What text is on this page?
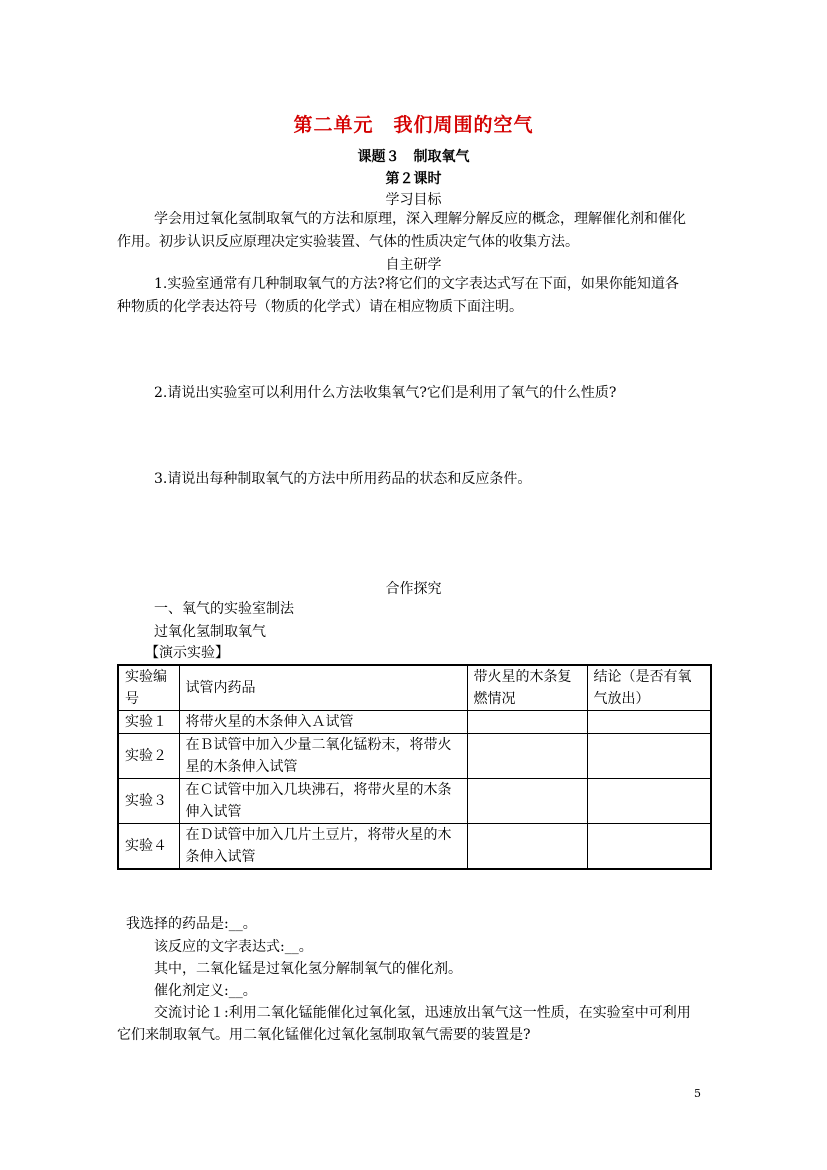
第二单元　我们周围的空气
课题３　制取氧气
第２课时
学习目标
学会用过氧化氢制取氧气的方法和原理，深入理解分解反应的概念，理解催化剂和催化
作用。初步认识反应原理决定实验装置、气体的性质决定气体的收集方法。
自主研学
1.实验室通常有几种制取氧气的方法?将它们的文字表达式写在下面，如果你能知道各
种物质的化学表达符号（物质的化学式）请在相应物质下面注明。
2.请说出实验室可以利用什么方法收集氧气?它们是利用了氧气的什么性质?
3.请说出每种制取氧气的方法中所用药品的状态和反应条件。
合作探究
一、氧气的实验室制法
过氧化氢制取氧气
【演示实验】
实验编号	试管内药品	带火星的木条复燃情况	结论（是否有氧气放出）
实验１	将带火星的木条伸入Ａ试管		
实验２	在Ｂ试管中加入少量二氧化锰粉末，将带火星的木条伸入试管		
实验３	在Ｃ试管中加入几块沸石，将带火星的木条伸入试管		
实验４	在Ｄ试管中加入几片土豆片，将带火星的木条伸入试管		
我选择的药品是:__。
该反应的文字表达式:__。
其中，二氧化锰是过氧化氢分解制氧气的催化剂。
催化剂定义:__。
交流讨论１:利用二氧化锰能催化过氧化氢，迅速放出氧气这一性质，在实验室中可利用
它们来制取氧气。用二氧化锰催化过氧化氢制取氧气需要的装置是?
5
